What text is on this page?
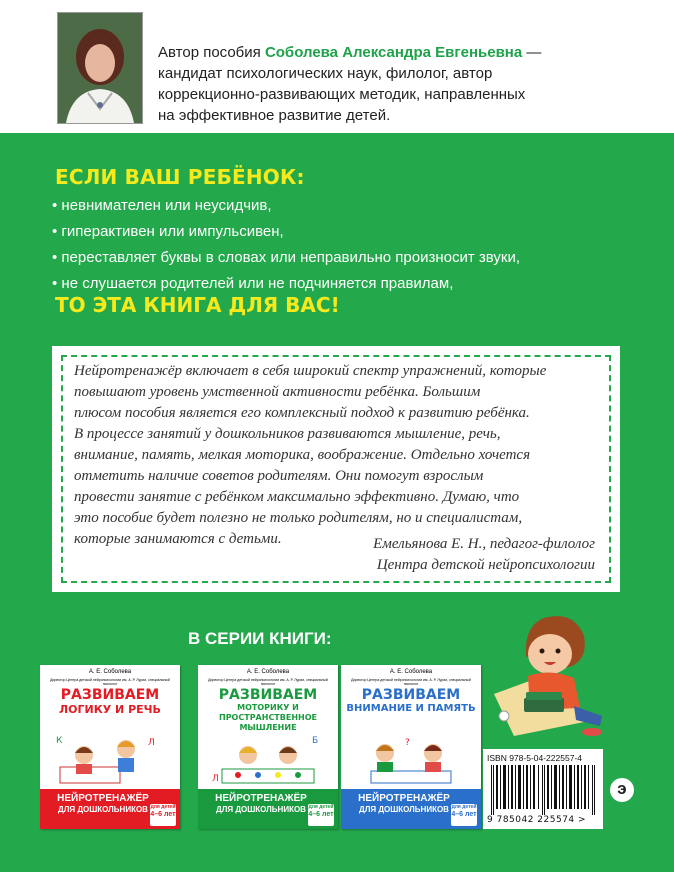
Автор пособия Соболева Александра Евгеньевна —
кандидат психологических наук, филолог, автор
коррекционно-развивающих методик, направленных
на эффективное развитие детей.
ЕСЛИ ВАШ РЕБЁНОК:
• невнимателен или неусидчив,
• гиперактивен или импульсивен,
• переставляет буквы в словах или неправильно произносит звуки,
• не слушается родителей или не подчиняется правилам,
ТО ЭТА КНИГА ДЛЯ ВАС!
Нейротренажёр включает в себя широкий спектр упражнений, которые
повышают уровень умственной активности ребёнка. Большим
плюсом пособия является его комплексный подход к развитию ребёнка.
В процессе занятий у дошкольников развиваются мышление, речь,
внимание, память, мелкая моторика, воображение. Отдельно хочется
отметить наличие советов родителям. Они помогут взрослым
провести занятие с ребёнком максимально эффективно. Думаю, что
это пособие будет полезно не только родителям, но и специалистам,
которые занимаются с детьми.	Емельянова Е. Н., педагог-филолог
Центра детской нейропсихологии
В СЕРИИ КНИГИ:
А. Е. Соболева
Директор Центра детской нейропсихологии им. А. Р. Лурии, специальный психолог
РАЗВИВАЕМ
ЛОГИКУ И РЕЧЬ
К	Л
НЕЙРОТРЕНАЖЁР
ДЛЯ ДОШКОЛЬНИКОВ для детей
4–6 лет
А. Е. Соболева
Директор Центра детской нейропсихологии им. А. Р. Лурии, специальный психолог
РАЗВИВАЕМ
МОТОРИКУ И ПРОСТРАНСТВЕННОЕ МЫШЛЕНИЕ
Б
Л
НЕЙРОТРЕНАЖЁР
ДЛЯ ДОШКОЛЬНИКОВ для детей
4–6 лет
А. Е. Соболева
Директор Центра детской нейропсихологии им. А. Р. Лурии, специальный психолог
РАЗВИВАЕМ
ВНИМАНИЕ И ПАМЯТЬ
?
НЕЙРОТРЕНАЖЁР
ДЛЯ ДОШКОЛЬНИКОВ для детей
4–6 лет
ISBN 978-5-04-222557-4
9 785042 225574 >
э
